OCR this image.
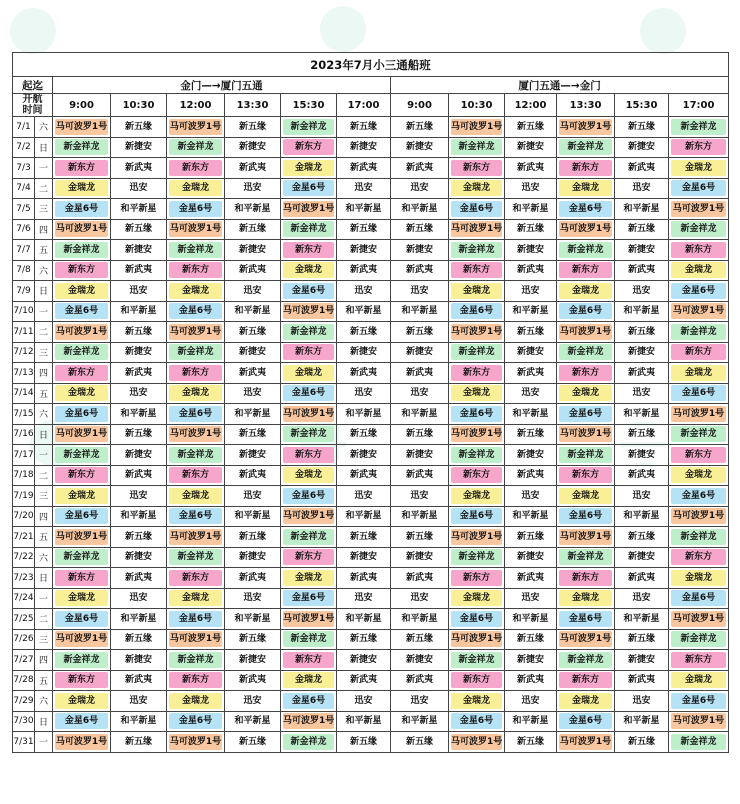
2023年7月小三通船班													
起迄		金门—→厦门五通						厦门五通—→金门					

开航
时间		9:00	10:30	12:00	13:30	15:30	17:00	9:00	10:30	12:00	13:30	15:30	17:00
7/1	六	马可波罗1号	新五缘	马可波罗1号	新五缘	新金祥龙	新五缘	新五缘	马可波罗1号	新五缘	马可波罗1号	新五缘	新金祥龙

7/2	日	新金祥龙	新捷安	新金祥龙	新捷安	新东方	新捷安	新捷安	新金祥龙	新捷安	新金祥龙	新捷安	新东方

7/3	一	新东方	新武夷	新东方	新武夷	金瑞龙	新武夷	新武夷	新东方	新武夷	新东方	新武夷	金瑞龙

7/4	二	金瑞龙	迅安	金瑞龙	迅安	金星6号	迅安	迅安	金瑞龙	迅安	金瑞龙	迅安	金星6号

7/5	三	金星6号	和平新星	金星6号	和平新星	马可波罗1号	和平新星	和平新星	金星6号	和平新星	金星6号	和平新星	马可波罗1号

7/6	四	马可波罗1号	新五缘	马可波罗1号	新五缘	新金祥龙	新五缘	新五缘	马可波罗1号	新五缘	马可波罗1号	新五缘	新金祥龙

7/7	五	新金祥龙	新捷安	新金祥龙	新捷安	新东方	新捷安	新捷安	新金祥龙	新捷安	新金祥龙	新捷安	新东方

7/8	六	新东方	新武夷	新东方	新武夷	金瑞龙	新武夷	新武夷	新东方	新武夷	新东方	新武夷	金瑞龙

7/9	日	金瑞龙	迅安	金瑞龙	迅安	金星6号	迅安	迅安	金瑞龙	迅安	金瑞龙	迅安	金星6号

7/10	一	金星6号	和平新星	金星6号	和平新星	马可波罗1号	和平新星	和平新星	金星6号	和平新星	金星6号	和平新星	马可波罗1号

7/11	二	马可波罗1号	新五缘	马可波罗1号	新五缘	新金祥龙	新五缘	新五缘	马可波罗1号	新五缘	马可波罗1号	新五缘	新金祥龙

7/12	三	新金祥龙	新捷安	新金祥龙	新捷安	新东方	新捷安	新捷安	新金祥龙	新捷安	新金祥龙	新捷安	新东方

7/13	四	新东方	新武夷	新东方	新武夷	金瑞龙	新武夷	新武夷	新东方	新武夷	新东方	新武夷	金瑞龙

7/14	五	金瑞龙	迅安	金瑞龙	迅安	金星6号	迅安	迅安	金瑞龙	迅安	金瑞龙	迅安	金星6号

7/15	六	金星6号	和平新星	金星6号	和平新星	马可波罗1号	和平新星	和平新星	金星6号	和平新星	金星6号	和平新星	马可波罗1号

7/16	日	马可波罗1号	新五缘	马可波罗1号	新五缘	新金祥龙	新五缘	新五缘	马可波罗1号	新五缘	马可波罗1号	新五缘	新金祥龙

7/17	一	新金祥龙	新捷安	新金祥龙	新捷安	新东方	新捷安	新捷安	新金祥龙	新捷安	新金祥龙	新捷安	新东方

7/18	二	新东方	新武夷	新东方	新武夷	金瑞龙	新武夷	新武夷	新东方	新武夷	新东方	新武夷	金瑞龙

7/19	三	金瑞龙	迅安	金瑞龙	迅安	金星6号	迅安	迅安	金瑞龙	迅安	金瑞龙	迅安	金星6号

7/20	四	金星6号	和平新星	金星6号	和平新星	马可波罗1号	和平新星	和平新星	金星6号	和平新星	金星6号	和平新星	马可波罗1号

7/21	五	马可波罗1号	新五缘	马可波罗1号	新五缘	新金祥龙	新五缘	新五缘	马可波罗1号	新五缘	马可波罗1号	新五缘	新金祥龙

7/22	六	新金祥龙	新捷安	新金祥龙	新捷安	新东方	新捷安	新捷安	新金祥龙	新捷安	新金祥龙	新捷安	新东方

7/23	日	新东方	新武夷	新东方	新武夷	金瑞龙	新武夷	新武夷	新东方	新武夷	新东方	新武夷	金瑞龙

7/24	一	金瑞龙	迅安	金瑞龙	迅安	金星6号	迅安	迅安	金瑞龙	迅安	金瑞龙	迅安	金星6号

7/25	二	金星6号	和平新星	金星6号	和平新星	马可波罗1号	和平新星	和平新星	金星6号	和平新星	金星6号	和平新星	马可波罗1号

7/26	三	马可波罗1号	新五缘	马可波罗1号	新五缘	新金祥龙	新五缘	新五缘	马可波罗1号	新五缘	马可波罗1号	新五缘	新金祥龙

7/27	四	新金祥龙	新捷安	新金祥龙	新捷安	新东方	新捷安	新捷安	新金祥龙	新捷安	新金祥龙	新捷安	新东方

7/28	五	新东方	新武夷	新东方	新武夷	金瑞龙	新武夷	新武夷	新东方	新武夷	新东方	新武夷	金瑞龙

7/29	六	金瑞龙	迅安	金瑞龙	迅安	金星6号	迅安	迅安	金瑞龙	迅安	金瑞龙	迅安	金星6号

7/30	日	金星6号	和平新星	金星6号	和平新星	马可波罗1号	和平新星	和平新星	金星6号	和平新星	金星6号	和平新星	马可波罗1号

7/31	一	马可波罗1号	新五缘	马可波罗1号	新五缘	新金祥龙	新五缘	新五缘	马可波罗1号	新五缘	马可波罗1号	新五缘	新金祥龙
